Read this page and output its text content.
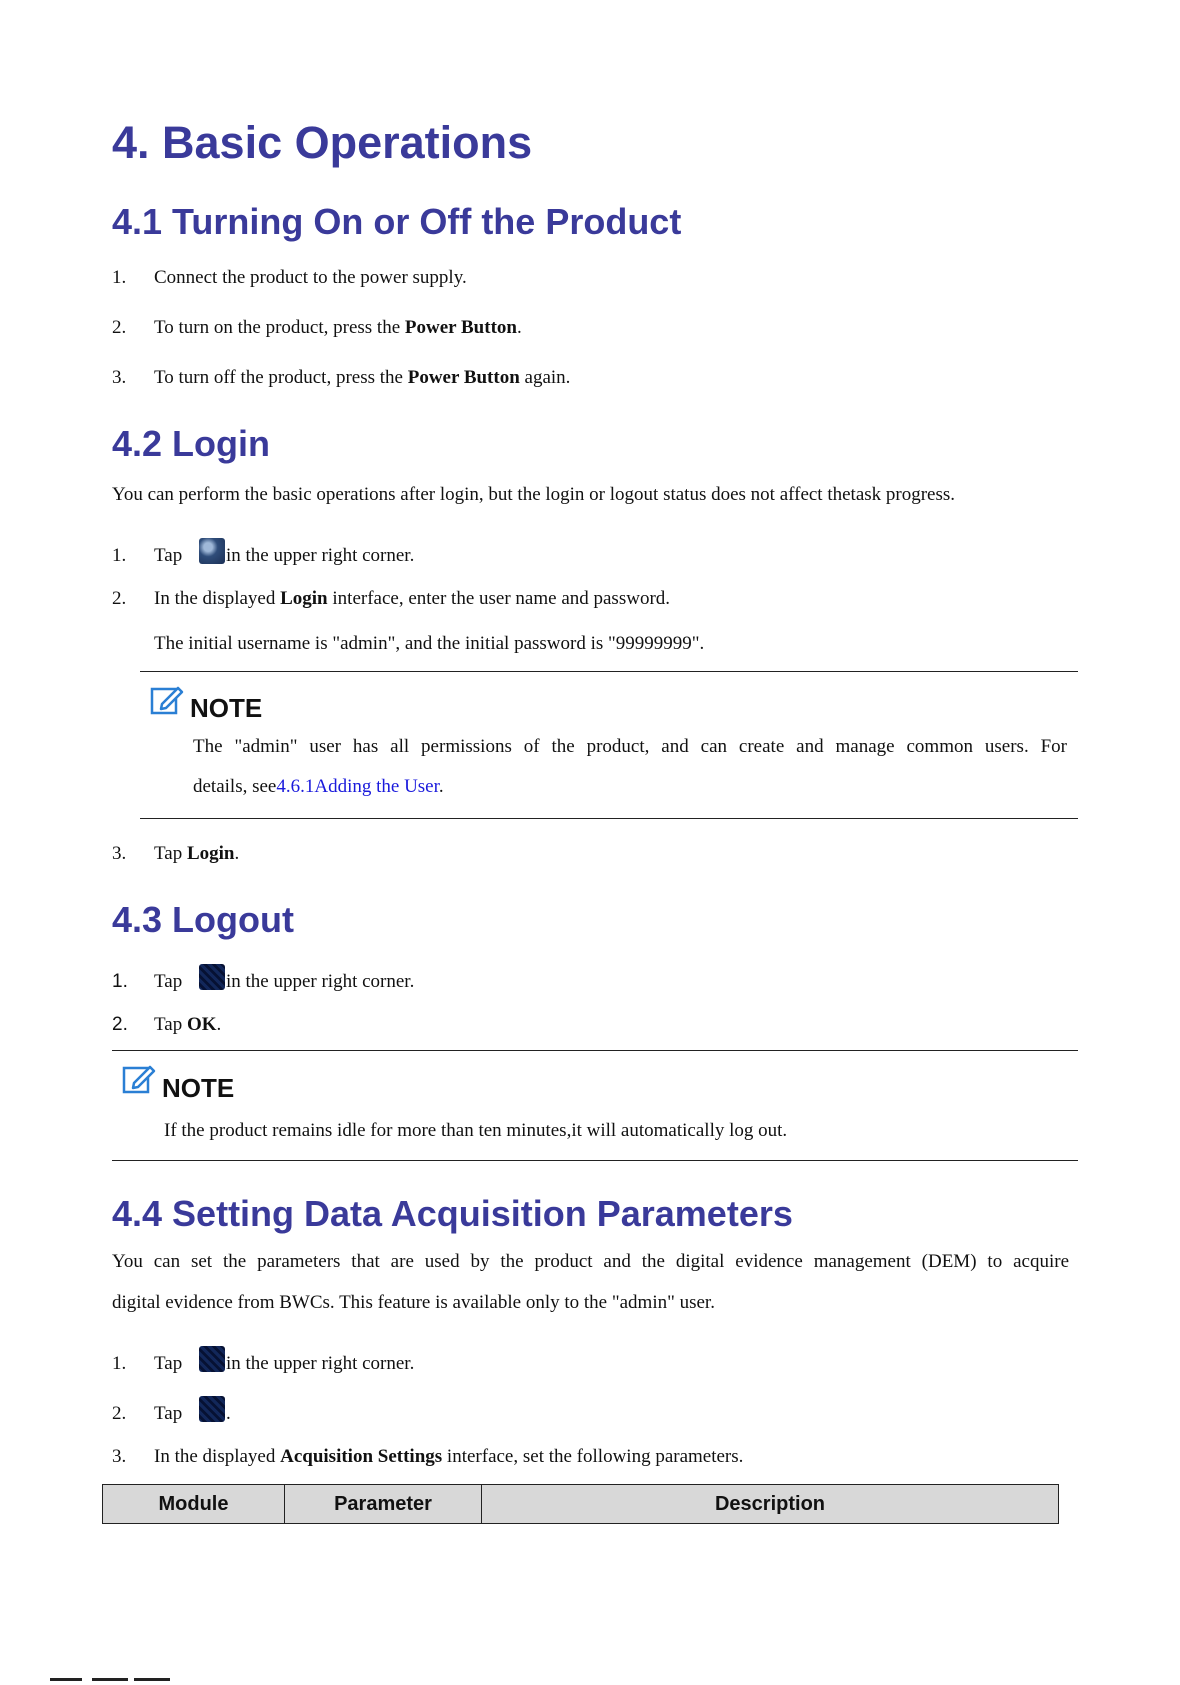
4. Basic Operations
4.1 Turning On or Off the Product
1. Connect the product to the power supply.
2. To turn on the product, press the Power Button.
3. To turn off the product, press the Power Button again.
4.2 Login
You can perform the basic operations after login, but the login or logout status does not affect thetask progress.
1. Tap in the upper right corner.
2. In the displayed Login interface, enter the user name and password.
The initial username is "admin", and the initial password is "99999999".
NOTE
The "admin" user has all permissions of the product, and can create and manage common users. For
details, see4.6.1Adding the User.
3. Tap Login.
4.3 Logout
1. Tap in the upper right corner.
2. Tap OK.
NOTE
If the product remains idle for more than ten minutes,it will automatically log out.
4.4 Setting Data Acquisition Parameters
You can set the parameters that are used by the product and the digital evidence management (DEM) to acquire
digital evidence from BWCs. This feature is available only to the "admin" user.
1. Tap in the upper right corner.
2. Tap .
3. In the displayed Acquisition Settings interface, set the following parameters.
Module	Parameter	Description
